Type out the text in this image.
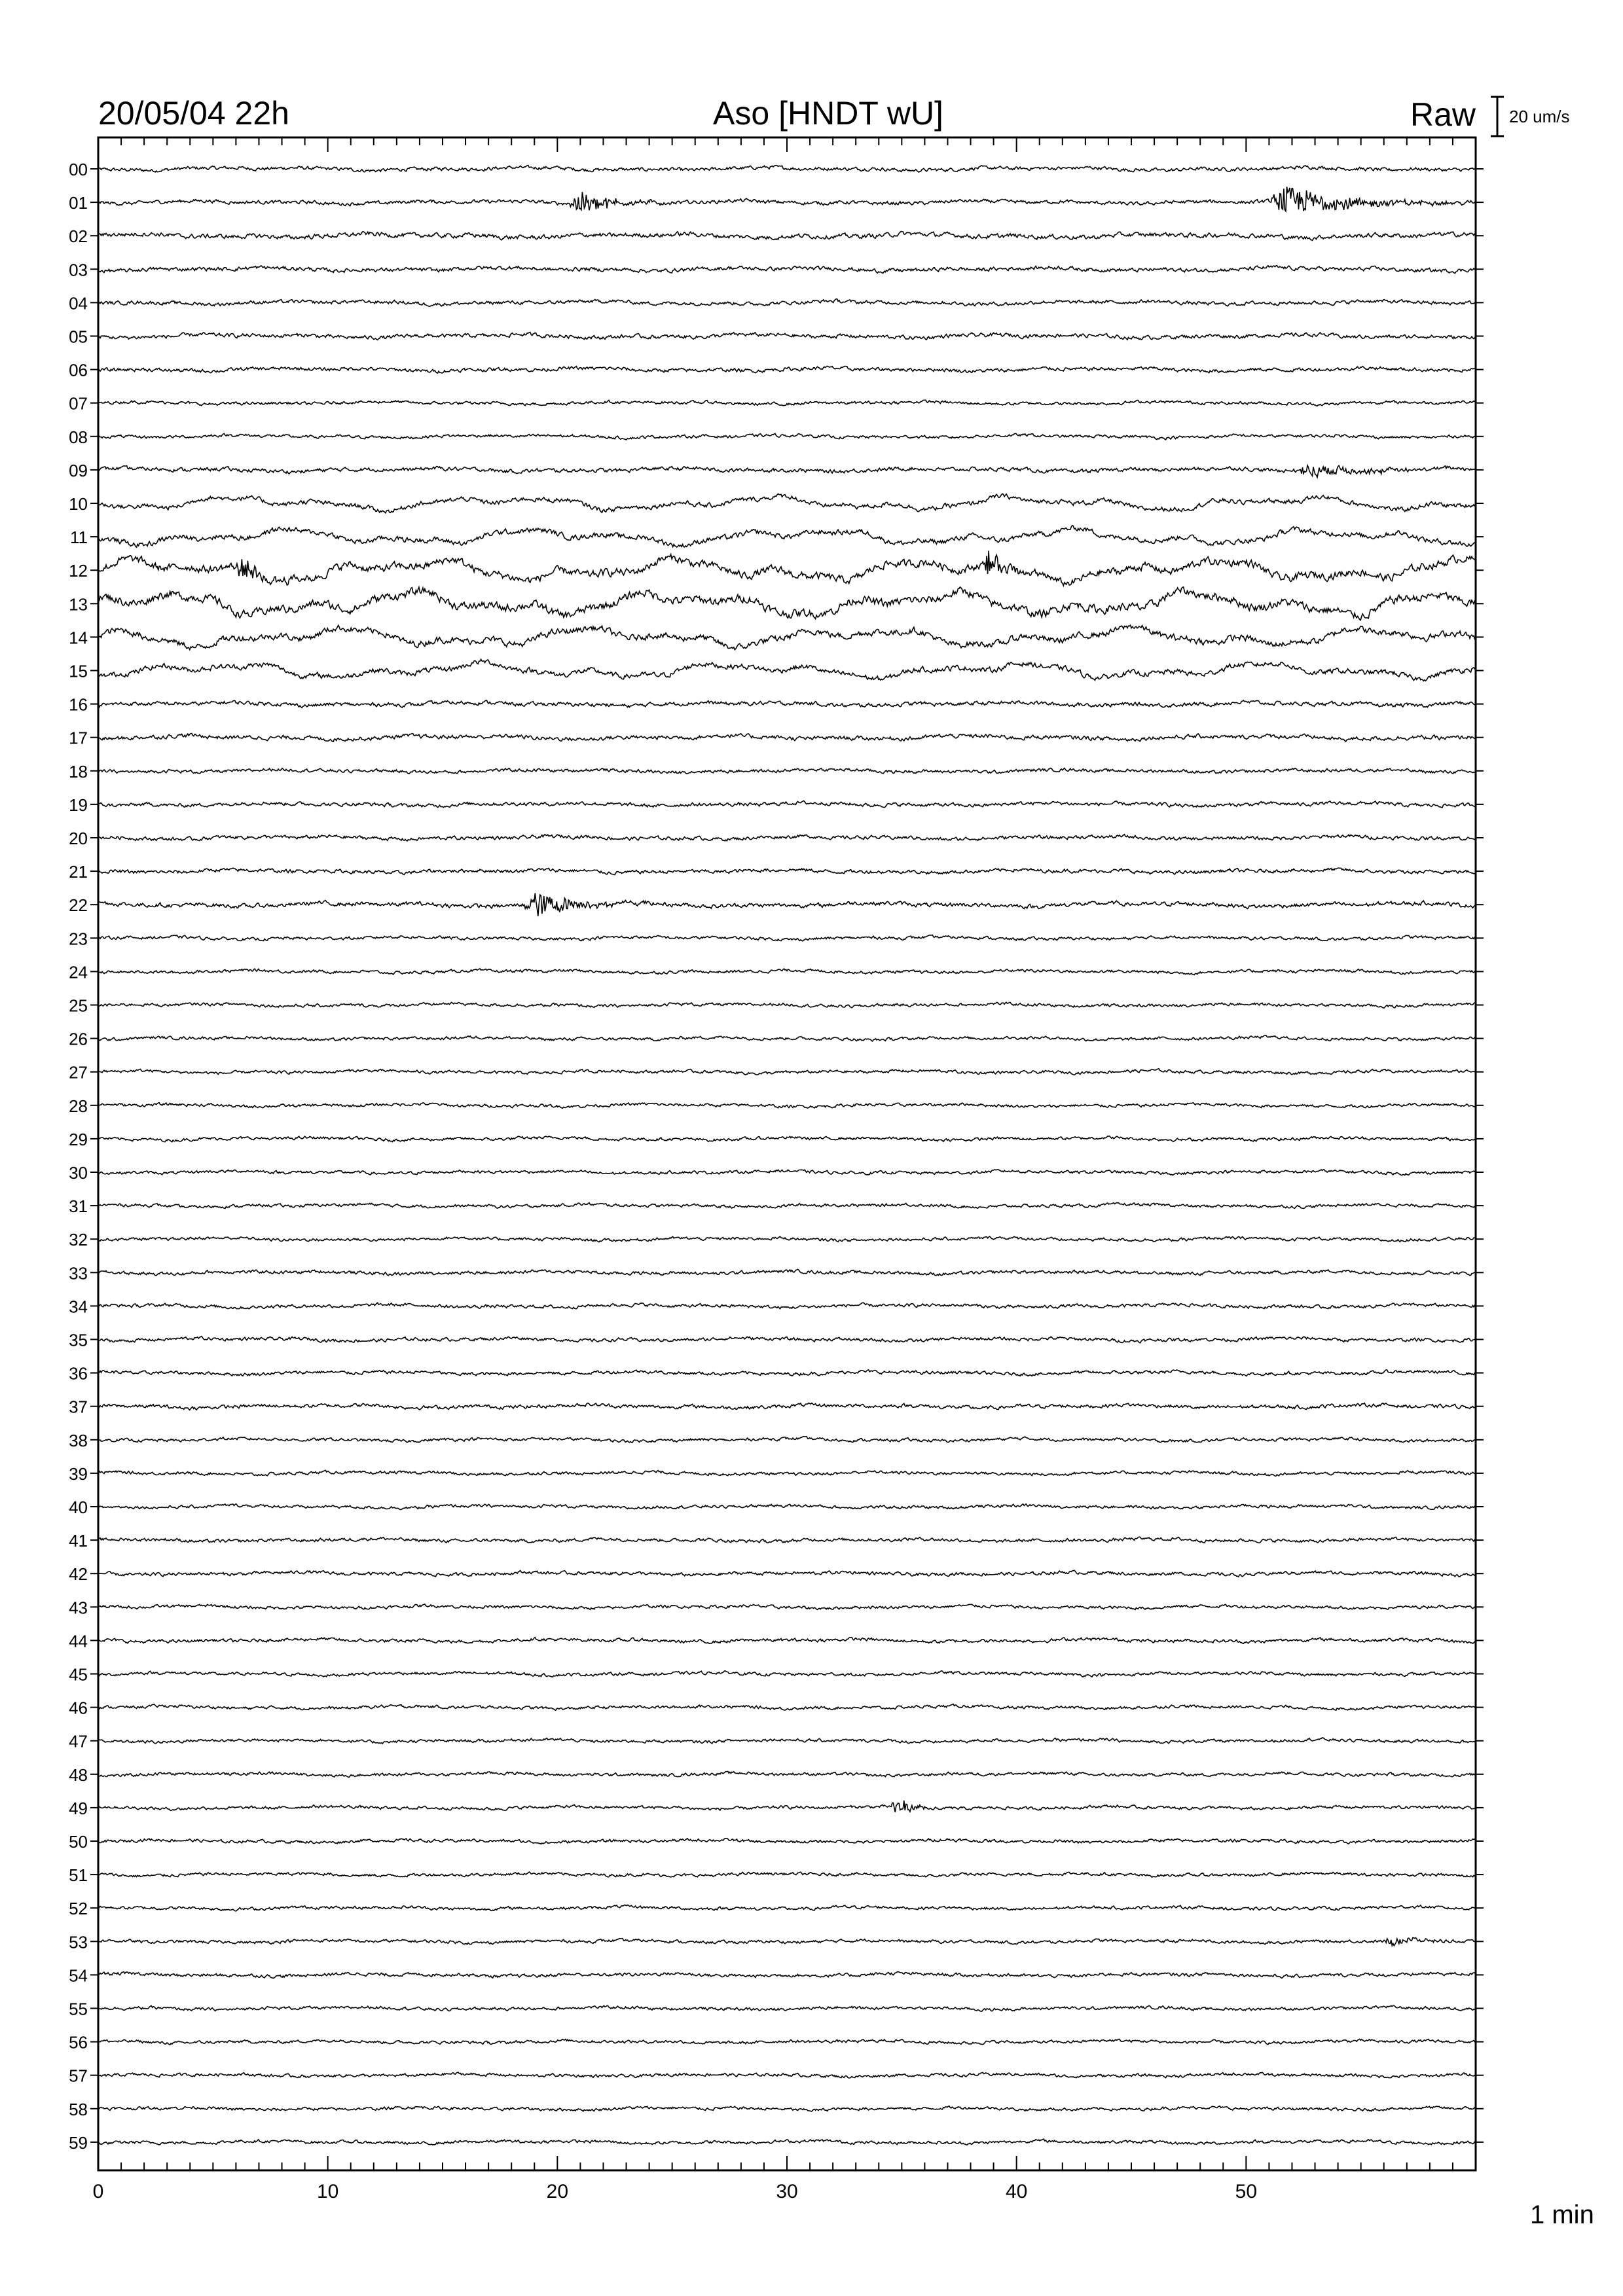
20/05/04 22h	Aso [HNDT wU]	Raw 20 um/s
1 min
0	10	20	30	40	50
00
01
02
03
04
05
06
07
08
09
10
11
12
13
14
15
16
17
18
19
20
21
22
23
24
25
26
27
28
29
30
31
32
33
34
35
36
37
38
39
40
41
42
43
44
45
46
47
48
49
50
51
52
53
54
55
56
57
58
59
